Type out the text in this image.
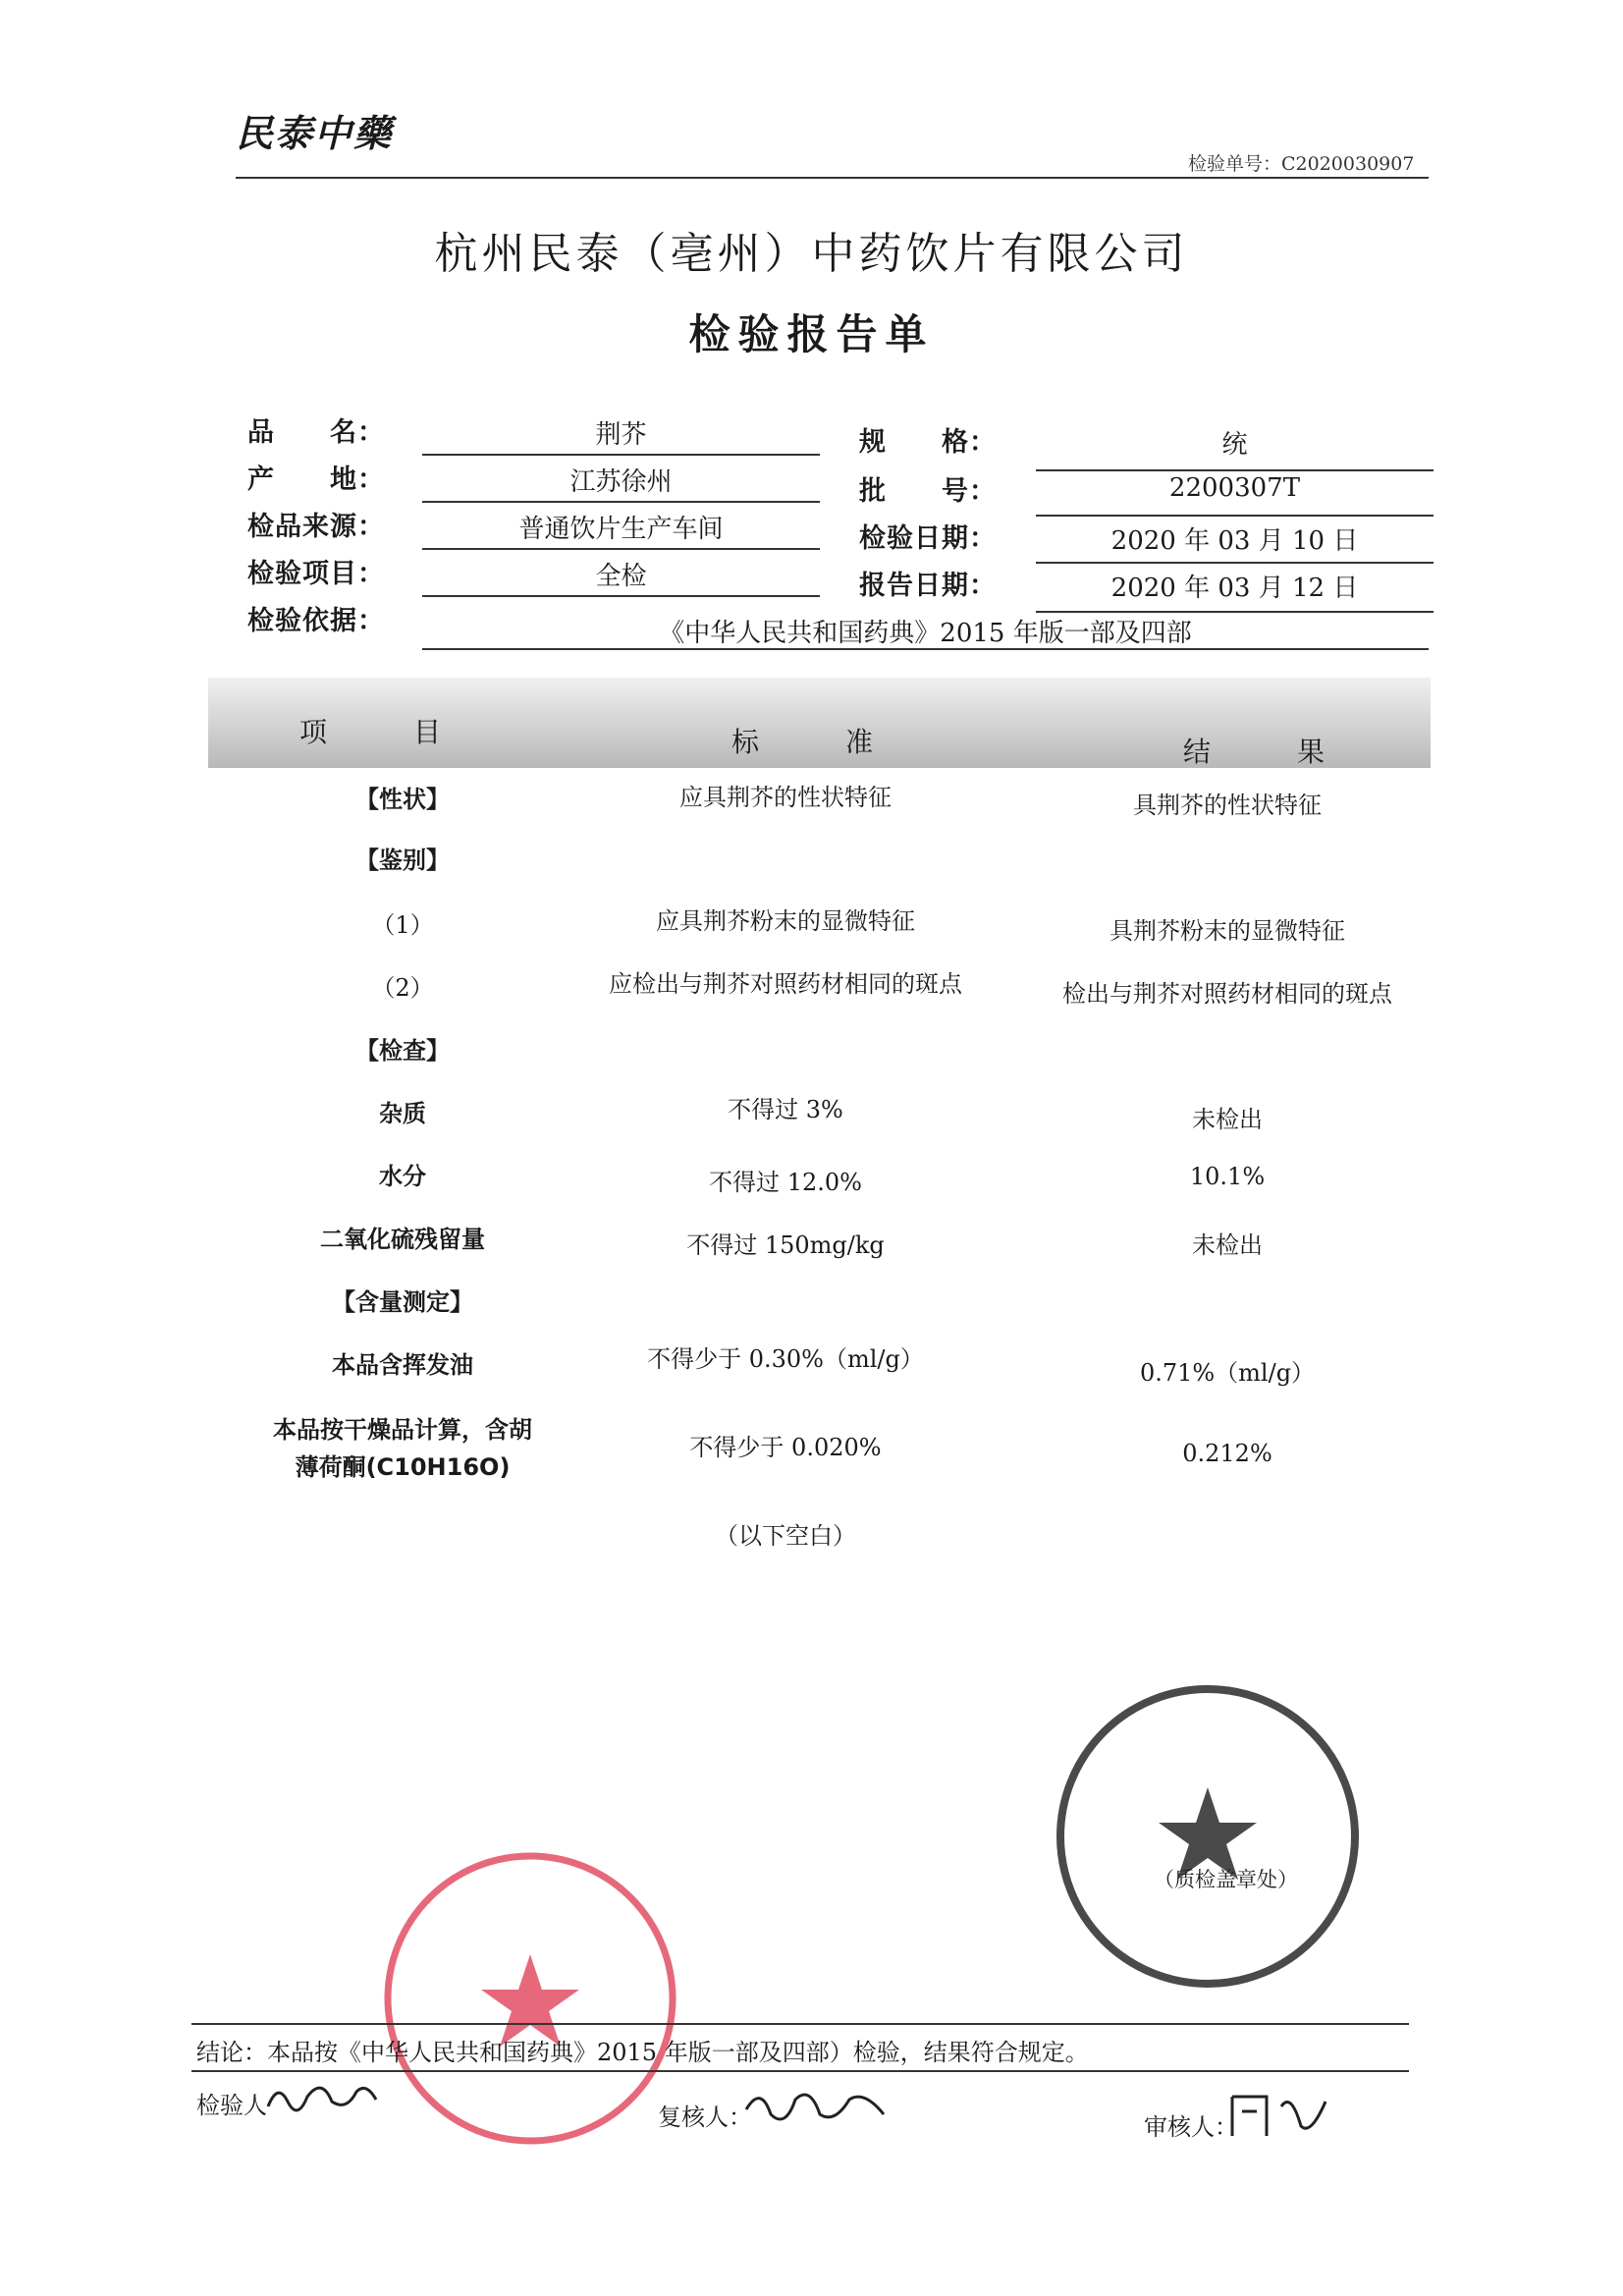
民泰中藥
检验单号：C2020030907
杭州民泰（亳州）中药饮片有限公司
检验报告单
品　　名：	荆芥
产　　地：	江苏徐州
检品来源：	普通饮片生产车间
检验项目：	全检
检验依据：	《中华人民共和国药典》2015 年版一部及四部
规　　格：	统
批　　号：	2200307T
检验日期：	2020 年 03 月 10 日
报告日期：	2020 年 03 月 12 日
项　目	标　准	结　果
【性状】	应具荆芥的性状特征	具荆芥的性状特征
【鉴别】
（1）	应具荆芥粉末的显微特征	具荆芥粉末的显微特征
（2）	应检出与荆芥对照药材相同的斑点	检出与荆芥对照药材相同的斑点
【检查】
杂质	不得过 3%	未检出
水分	不得过 12.0%	10.1%
二氧化硫残留量	不得过 150mg/kg	未检出
【含量测定】
本品含挥发油	不得少于 0.30%（ml/g）	0.71%（ml/g）
本品按干燥品计算，含胡
薄荷酮(C10H16O)
不得少于 0.020%	0.212%
（以下空白）
（质检盖章处）
结论：本品按《中华人民共和国药典》2015 年版一部及四部）检验，结果符合规定。
检验人	复核人：	审核人：
